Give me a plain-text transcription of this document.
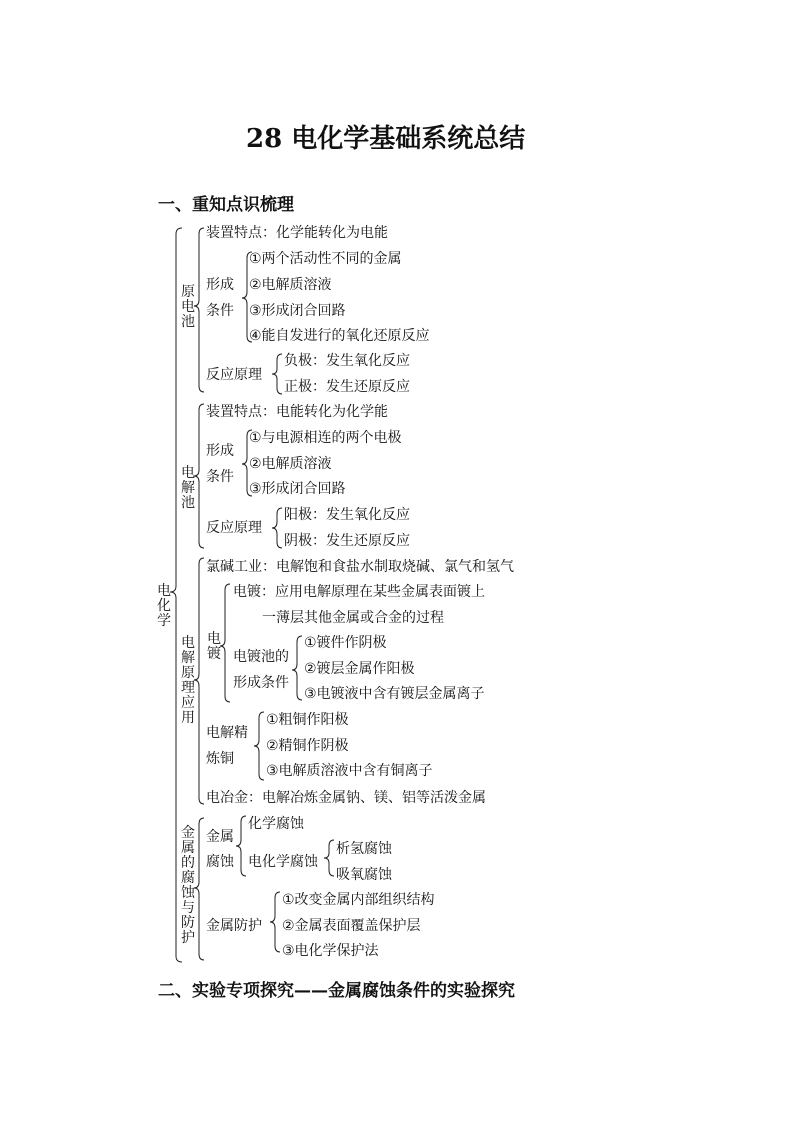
28 电化学基础系统总结
一、重知点识梳理
电化学
原电池
装置特点：化学能转化为电能
形成
条件
①两个活动性不同的金属
②电解质溶液
③形成闭合回路
④能自发进行的氧化还原反应
反应原理
负极：发生氧化反应
正极：发生还原反应
电解池
装置特点：电能转化为化学能
形成
条件
①与电源相连的两个电极
②电解质溶液
③形成闭合回路
反应原理
阳极：发生氧化反应
阴极：发生还原反应
电解原理应用
氯碱工业：电解饱和食盐水制取烧碱、氯气和氢气
电镀
电镀：应用电解原理在某些金属表面镀上
一薄层其他金属或合金的过程
电镀池的
形成条件
①镀件作阴极
②镀层金属作阳极
③电镀液中含有镀层金属离子
电解精
炼铜
①粗铜作阳极
②精铜作阴极
③电解质溶液中含有铜离子
电冶金：电解冶炼金属钠、镁、铝等活泼金属
金属的腐蚀与防护
金属
腐蚀
化学腐蚀
电化学腐蚀
析氢腐蚀
吸氧腐蚀
金属防护
①改变金属内部组织结构
②金属表面覆盖保护层
③电化学保护法
二、实验专项探究——金属腐蚀条件的实验探究
